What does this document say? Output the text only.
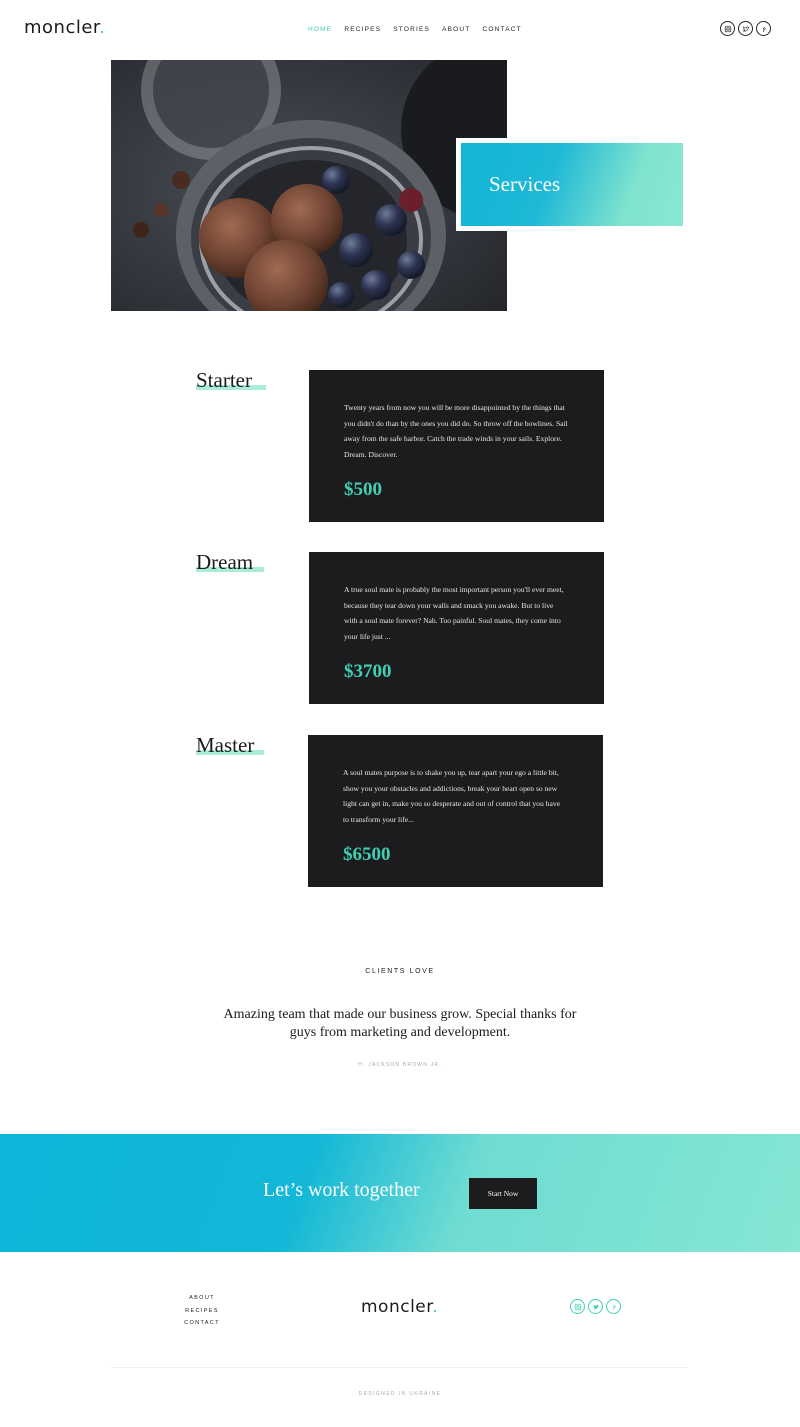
moncler.	HOME RECIPES STORIES ABOUT CONTACT
Services
Starter

Twenty years from now you will be more disappointed by the things that you didn't do than by the ones you did do. So throw off the bowlines. Sail away from the safe harbor. Catch the trade winds in your sails. Explore. Dream. Discover.

$500
Dream

A true soul mate is probably the most important person you'll ever meet, because they tear down your walls and smack you awake. But to live with a soul mate forever? Nah. Too painful. Soul mates, they come into your life just ...

$3700
Master

A soul mates purpose is to shake you up, tear apart your ego a little bit, show you your obstacles and addictions, break your heart open so new light can get in, make you so desperate and out of control that you have to transform your life...

$6500
CLIENTS LOVE
Amazing team that made our business grow. Special thanks for guys from marketing and development.
H. JACKSON BROWN JR.
Let’s work together	Start Now
ABOUT
RECIPES
CONTACT
moncler.
DESIGNED IN UKRAINE
